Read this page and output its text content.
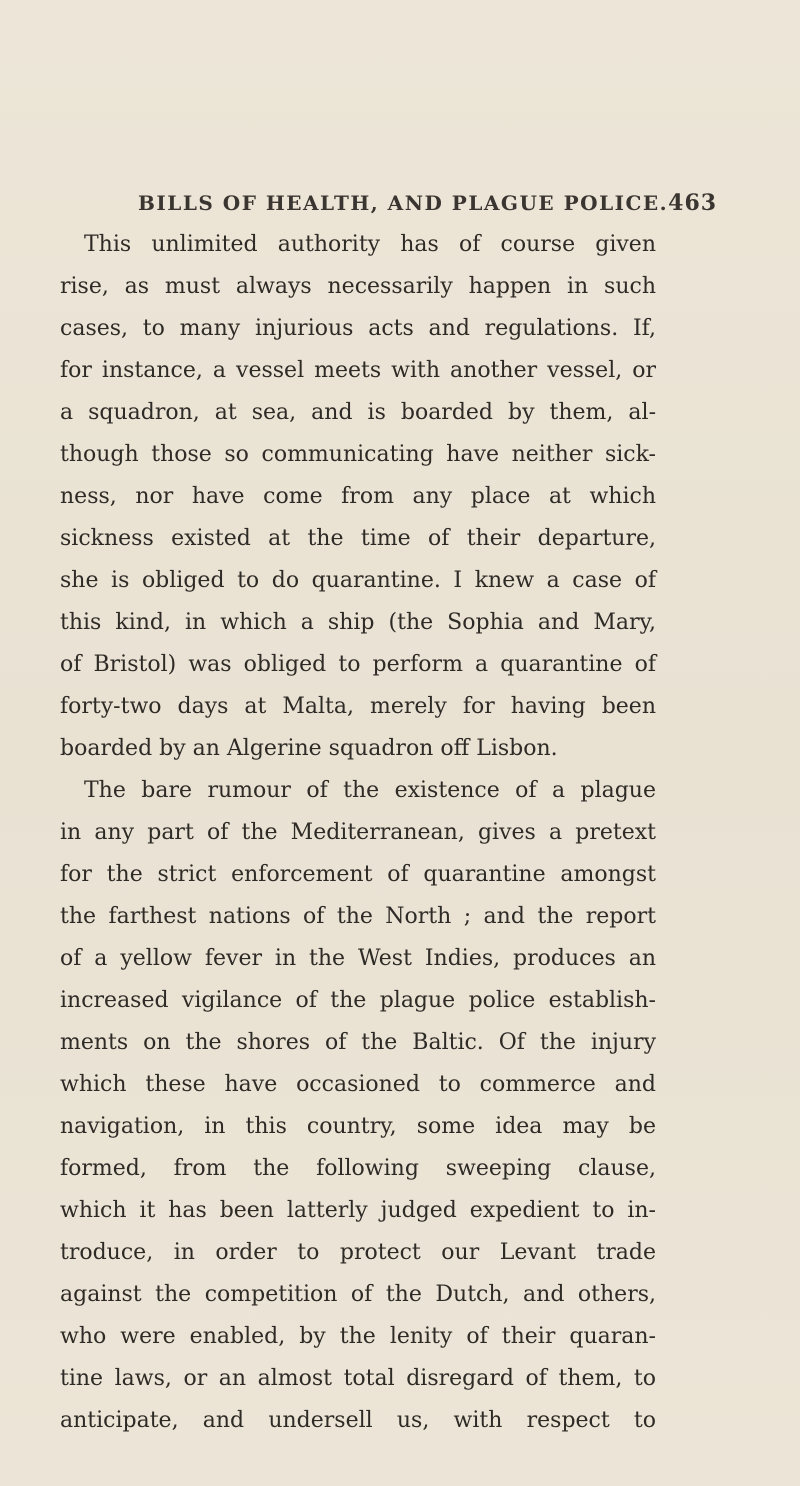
BILLS OF HEALTH, AND PLAGUE POLICE. 463
This unlimited authority has of course given
rise, as must always necessarily happen in such
cases, to many injurious acts and regulations. If,
for instance, a vessel meets with another vessel, or
a squadron, at sea, and is boarded by them, al-
though those so communicating have neither sick-
ness, nor have come from any place at which
sickness existed at the time of their departure,
she is obliged to do quarantine. I knew a case of
this kind, in which a ship (the Sophia and Mary,
of Bristol) was obliged to perform a quarantine of
forty-two days at Malta, merely for having been
boarded by an Algerine squadron off Lisbon.
The bare rumour of the existence of a plague
in any part of the Mediterranean, gives a pretext
for the strict enforcement of quarantine amongst
the farthest nations of the North ; and the report
of a yellow fever in the West Indies, produces an
increased vigilance of the plague police establish-
ments on the shores of the Baltic. Of the injury
which these have occasioned to commerce and
navigation, in this country, some idea may be
formed, from the following sweeping clause,
which it has been latterly judged expedient to in-
troduce, in order to protect our Levant trade
against the competition of the Dutch, and others,
who were enabled, by the lenity of their quaran-
tine laws, or an almost total disregard of them, to
anticipate, and undersell us, with respect to
